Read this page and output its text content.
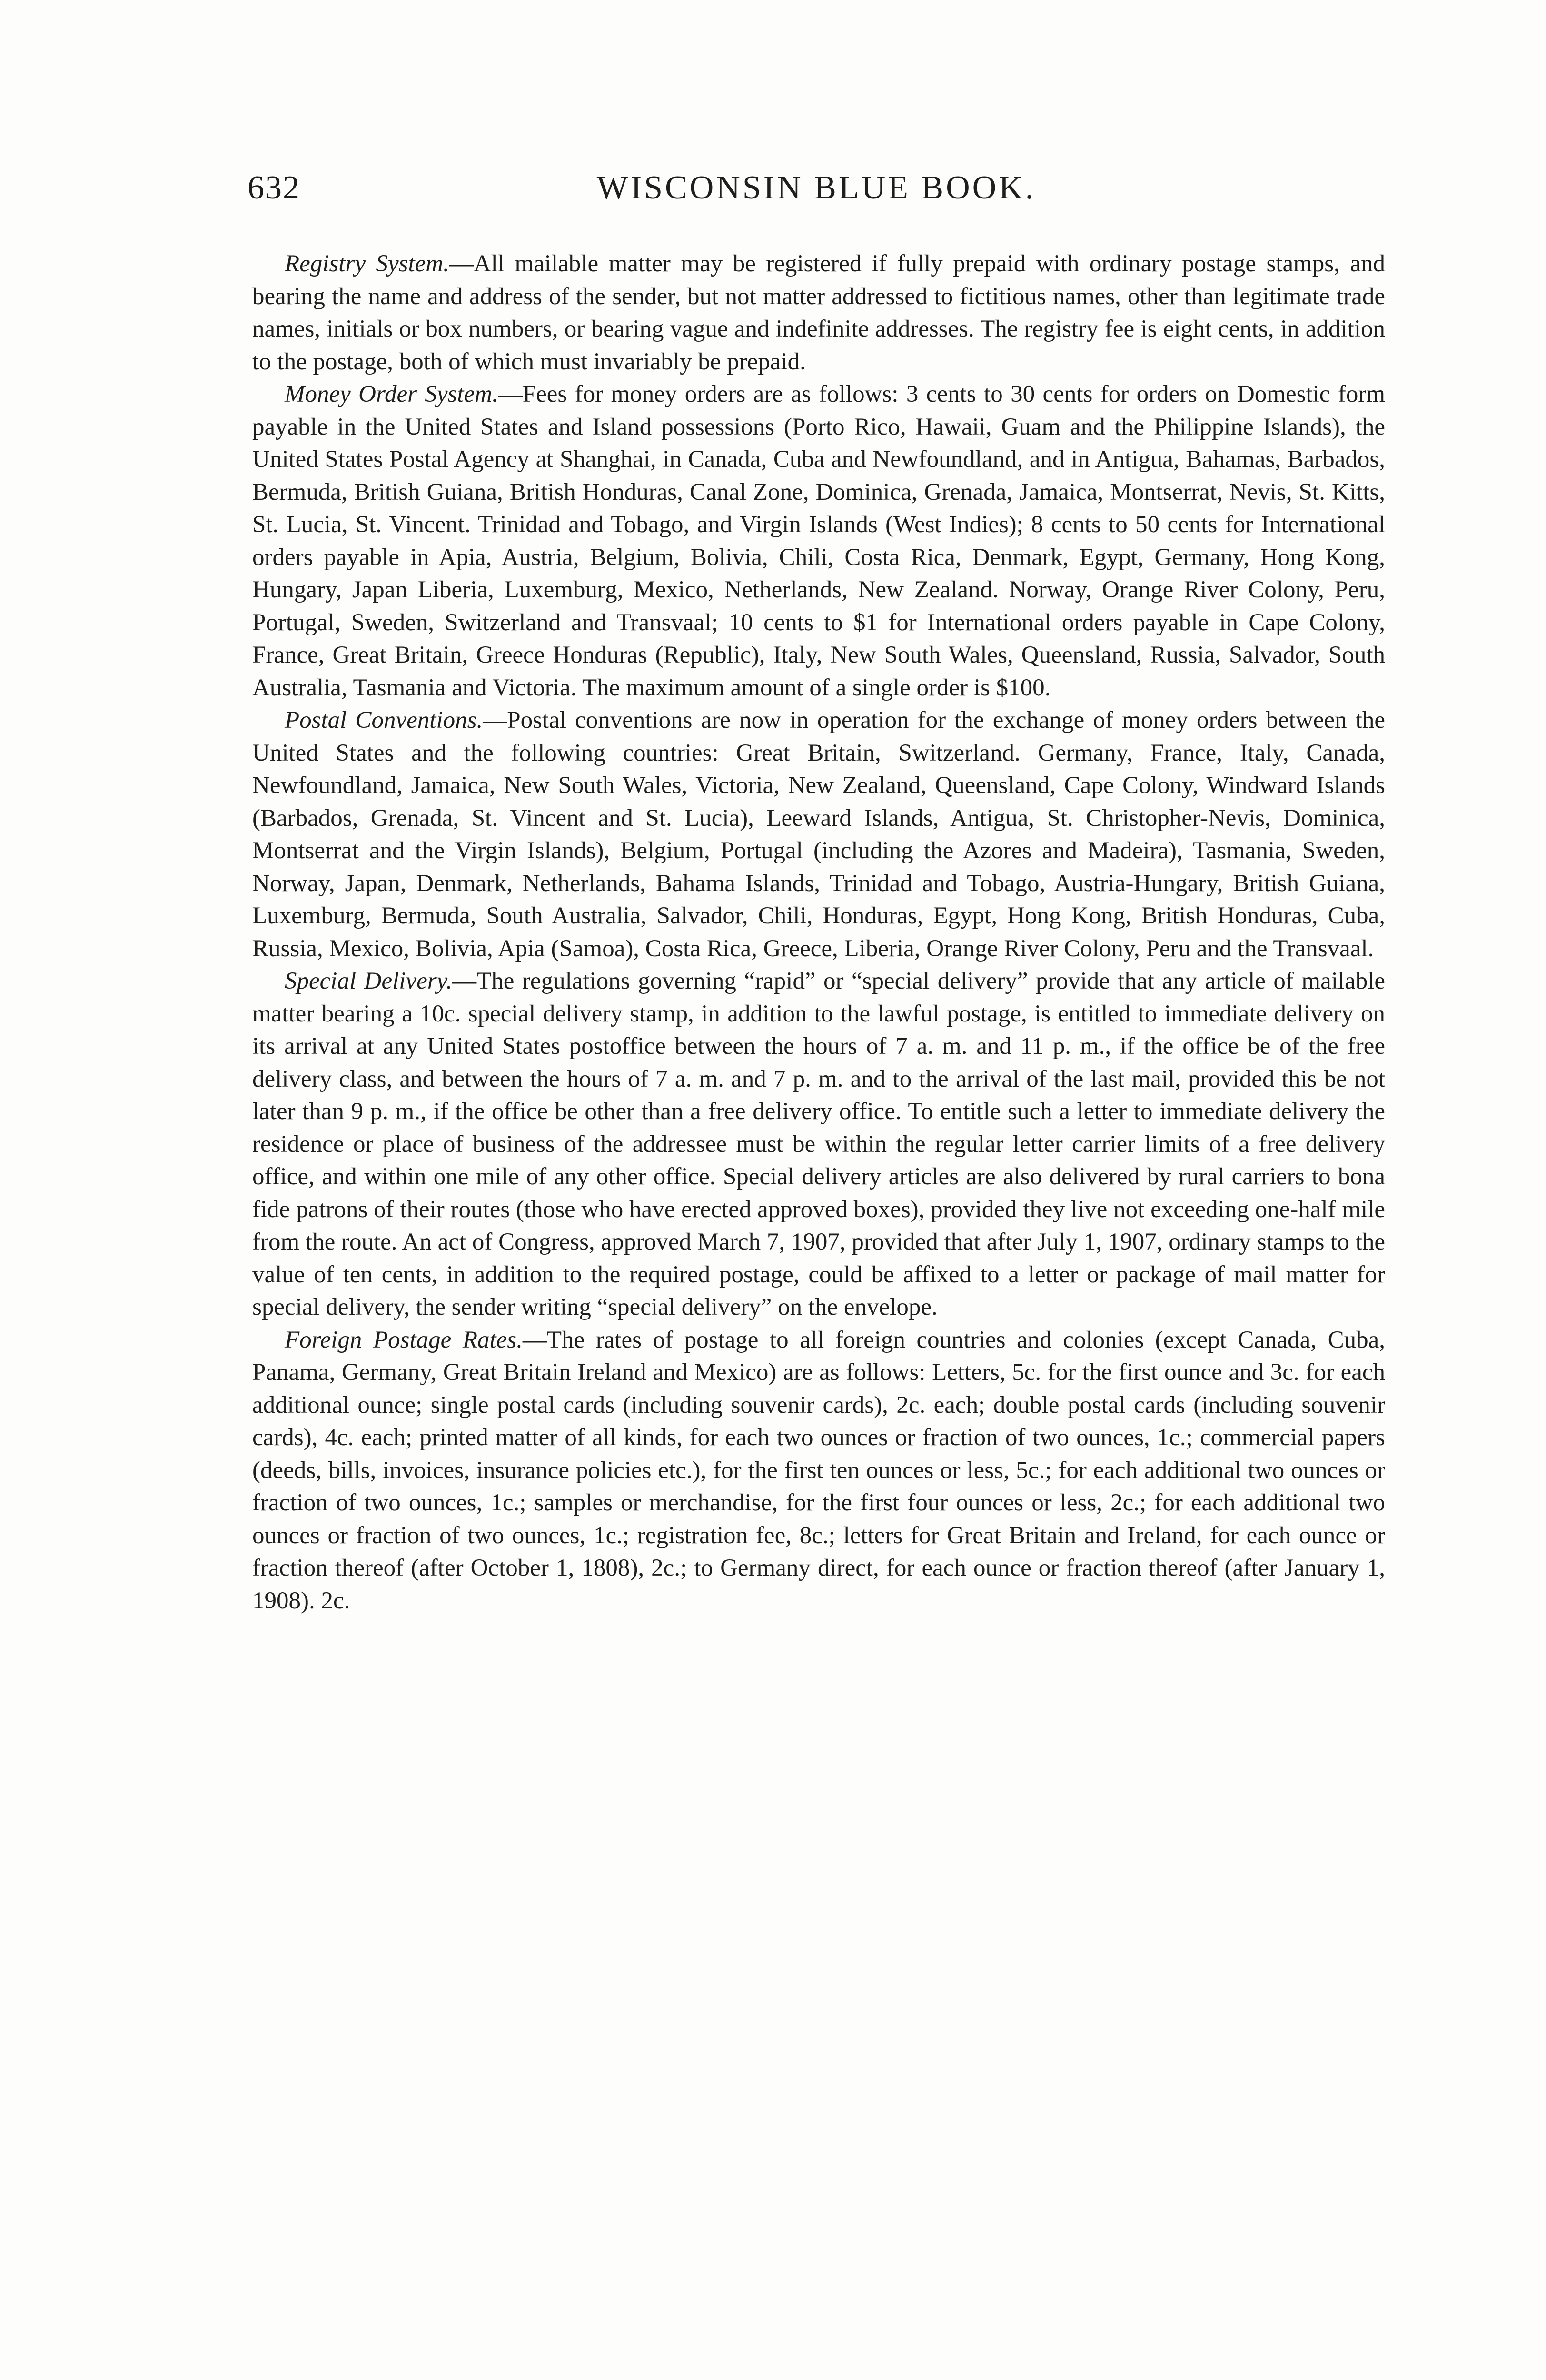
632	WISCONSIN BLUE BOOK.

Registry System.—All mailable matter may be registered if fully prepaid with ordinary postage stamps, and bearing the name and address of the sender, but not matter addressed to fictitious names, other than legitimate trade names, initials or box numbers, or bearing vague and indefinite addresses. The registry fee is eight cents, in addition to the postage, both of which must invariably be prepaid.

Money Order System.—Fees for money orders are as follows: 3 cents to 30 cents for orders on Domestic form payable in the United States and Island possessions (Porto Rico, Hawaii, Guam and the Philippine Islands), the United States Postal Agency at Shanghai, in Canada, Cuba and Newfoundland, and in Antigua, Bahamas, Barbados, Bermuda, British Guiana, British Honduras, Canal Zone, Dominica, Grenada, Jamaica, Montserrat, Nevis, St. Kitts, St. Lucia, St. Vincent. Trinidad and Tobago, and Virgin Islands (West Indies); 8 cents to 50 cents for International orders payable in Apia, Austria, Belgium, Bolivia, Chili, Costa Rica, Denmark, Egypt, Germany, Hong Kong, Hungary, Japan Liberia, Luxemburg, Mexico, Netherlands, New Zealand. Norway, Orange River Colony, Peru, Portugal, Sweden, Switzerland and Transvaal; 10 cents to $1 for International orders payable in Cape Colony, France, Great Britain, Greece Honduras (Republic), Italy, New South Wales, Queensland, Russia, Salvador, South Australia, Tasmania and Victoria. The maximum amount of a single order is $100.

Postal Conventions.—Postal conventions are now in operation for the exchange of money orders between the United States and the following countries: Great Britain, Switzerland. Germany, France, Italy, Canada, Newfoundland, Jamaica, New South Wales, Victoria, New Zealand, Queensland, Cape Colony, Windward Islands (Barbados, Grenada, St. Vincent and St. Lucia), Leeward Islands, Antigua, St. Christopher-Nevis, Dominica, Montserrat and the Virgin Islands), Belgium, Portugal (including the Azores and Madeira), Tasmania, Sweden, Norway, Japan, Denmark, Netherlands, Bahama Islands, Trinidad and Tobago, Austria-Hungary, British Guiana, Luxemburg, Bermuda, South Australia, Salvador, Chili, Honduras, Egypt, Hong Kong, British Honduras, Cuba, Russia, Mexico, Bolivia, Apia (Samoa), Costa Rica, Greece, Liberia, Orange River Colony, Peru and the Transvaal.

Special Delivery.—The regulations governing “rapid” or “special delivery” provide that any article of mailable matter bearing a 10c. special delivery stamp, in addition to the lawful postage, is entitled to immediate delivery on its arrival at any United States postoffice between the hours of 7 a. m. and 11 p. m., if the office be of the free delivery class, and between the hours of 7 a. m. and 7 p. m. and to the arrival of the last mail, provided this be not later than 9 p. m., if the office be other than a free delivery office. To entitle such a letter to immediate delivery the residence or place of business of the addressee must be within the regular letter carrier limits of a free delivery office, and within one mile of any other office. Special delivery articles are also delivered by rural carriers to bona fide patrons of their routes (those who have erected approved boxes), provided they live not exceeding one-half mile from the route. An act of Congress, approved March 7, 1907, provided that after July 1, 1907, ordinary stamps to the value of ten cents, in addition to the required postage, could be affixed to a letter or package of mail matter for special delivery, the sender writing “special delivery” on the envelope.

Foreign Postage Rates.—The rates of postage to all foreign countries and colonies (except Canada, Cuba, Panama, Germany, Great Britain Ireland and Mexico) are as follows: Letters, 5c. for the first ounce and 3c. for each additional ounce; single postal cards (including souvenir cards), 2c. each; double postal cards (including souvenir cards), 4c. each; printed matter of all kinds, for each two ounces or fraction of two ounces, 1c.; commercial papers (deeds, bills, invoices, insurance policies etc.), for the first ten ounces or less, 5c.; for each additional two ounces or fraction of two ounces, 1c.; samples or merchandise, for the first four ounces or less, 2c.; for each additional two ounces or fraction of two ounces, 1c.; registration fee, 8c.; letters for Great Britain and Ireland, for each ounce or fraction thereof (after October 1, 1808), 2c.; to Germany direct, for each ounce or fraction thereof (after January 1, 1908). 2c.
